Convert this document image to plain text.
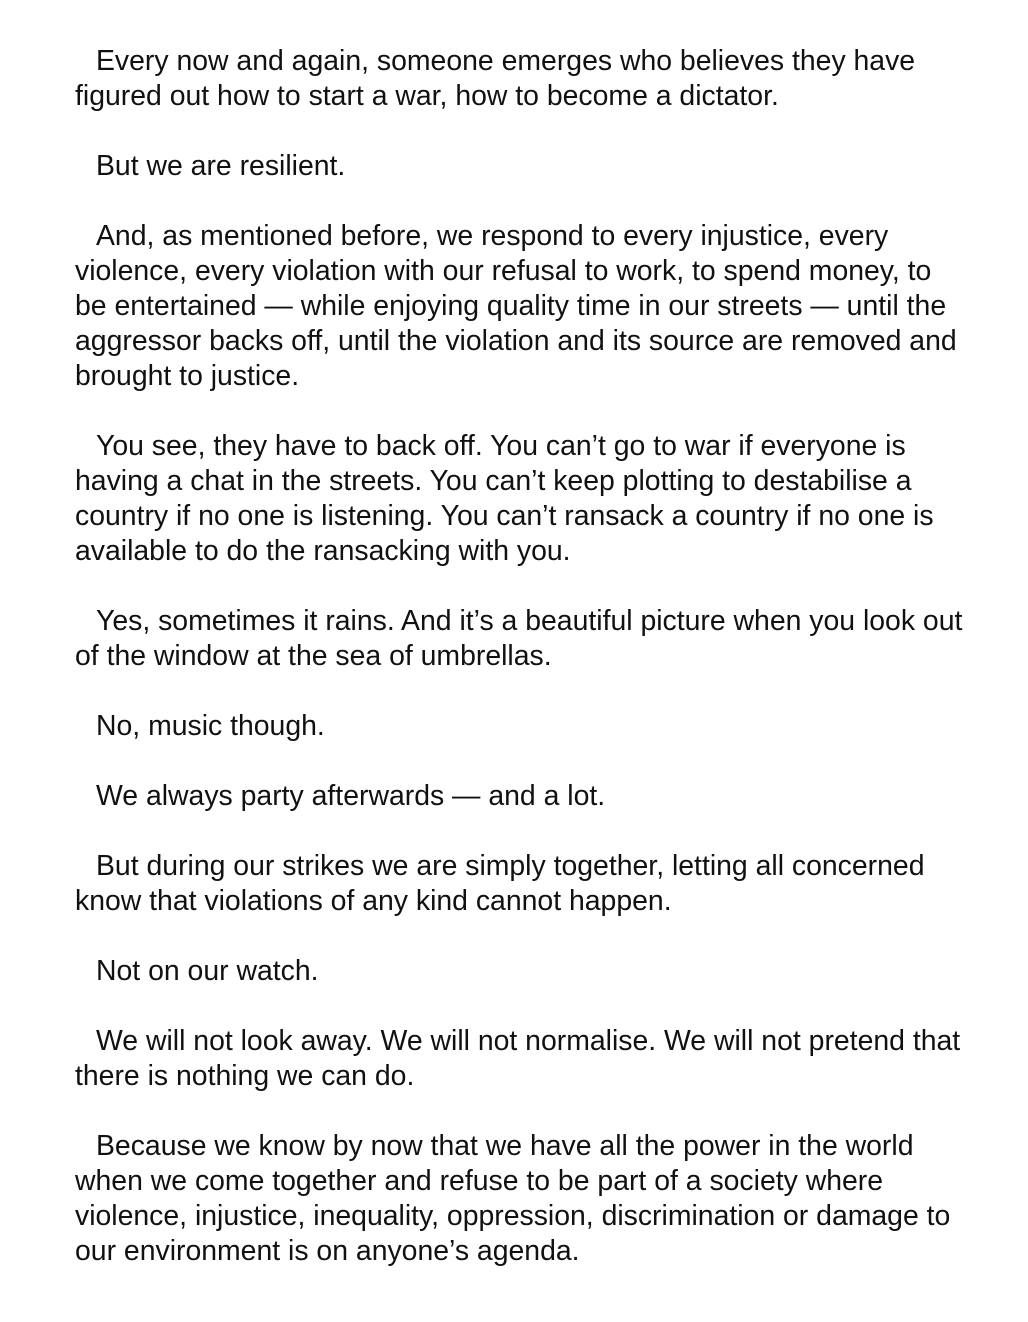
Every now and again, someone emerges who believes they have figured out how to start a war, how to become a dictator.

But we are resilient.

And, as mentioned before, we respond to every injustice, every violence, every violation with our refusal to work, to spend money, to be entertained — while enjoying quality time in our streets — until the aggressor backs off, until the violation and its source are removed and brought to justice.

You see, they have to back off. You can’t go to war if everyone is having a chat in the streets. You can’t keep plotting to destabilise a country if no one is listening. You can’t ransack a country if no one is available to do the ransacking with you.

Yes, sometimes it rains. And it’s a beautiful picture when you look out of the window at the sea of umbrellas.

No, music though.

We always party afterwards — and a lot.

But during our strikes we are simply together, letting all concerned know that violations of any kind cannot happen.

Not on our watch.

We will not look away. We will not normalise. We will not pretend that there is nothing we can do.

Because we know by now that we have all the power in the world when we come together and refuse to be part of a society where violence, injustice, inequality, oppression, discrimination or damage to our environment is on anyone’s agenda.
